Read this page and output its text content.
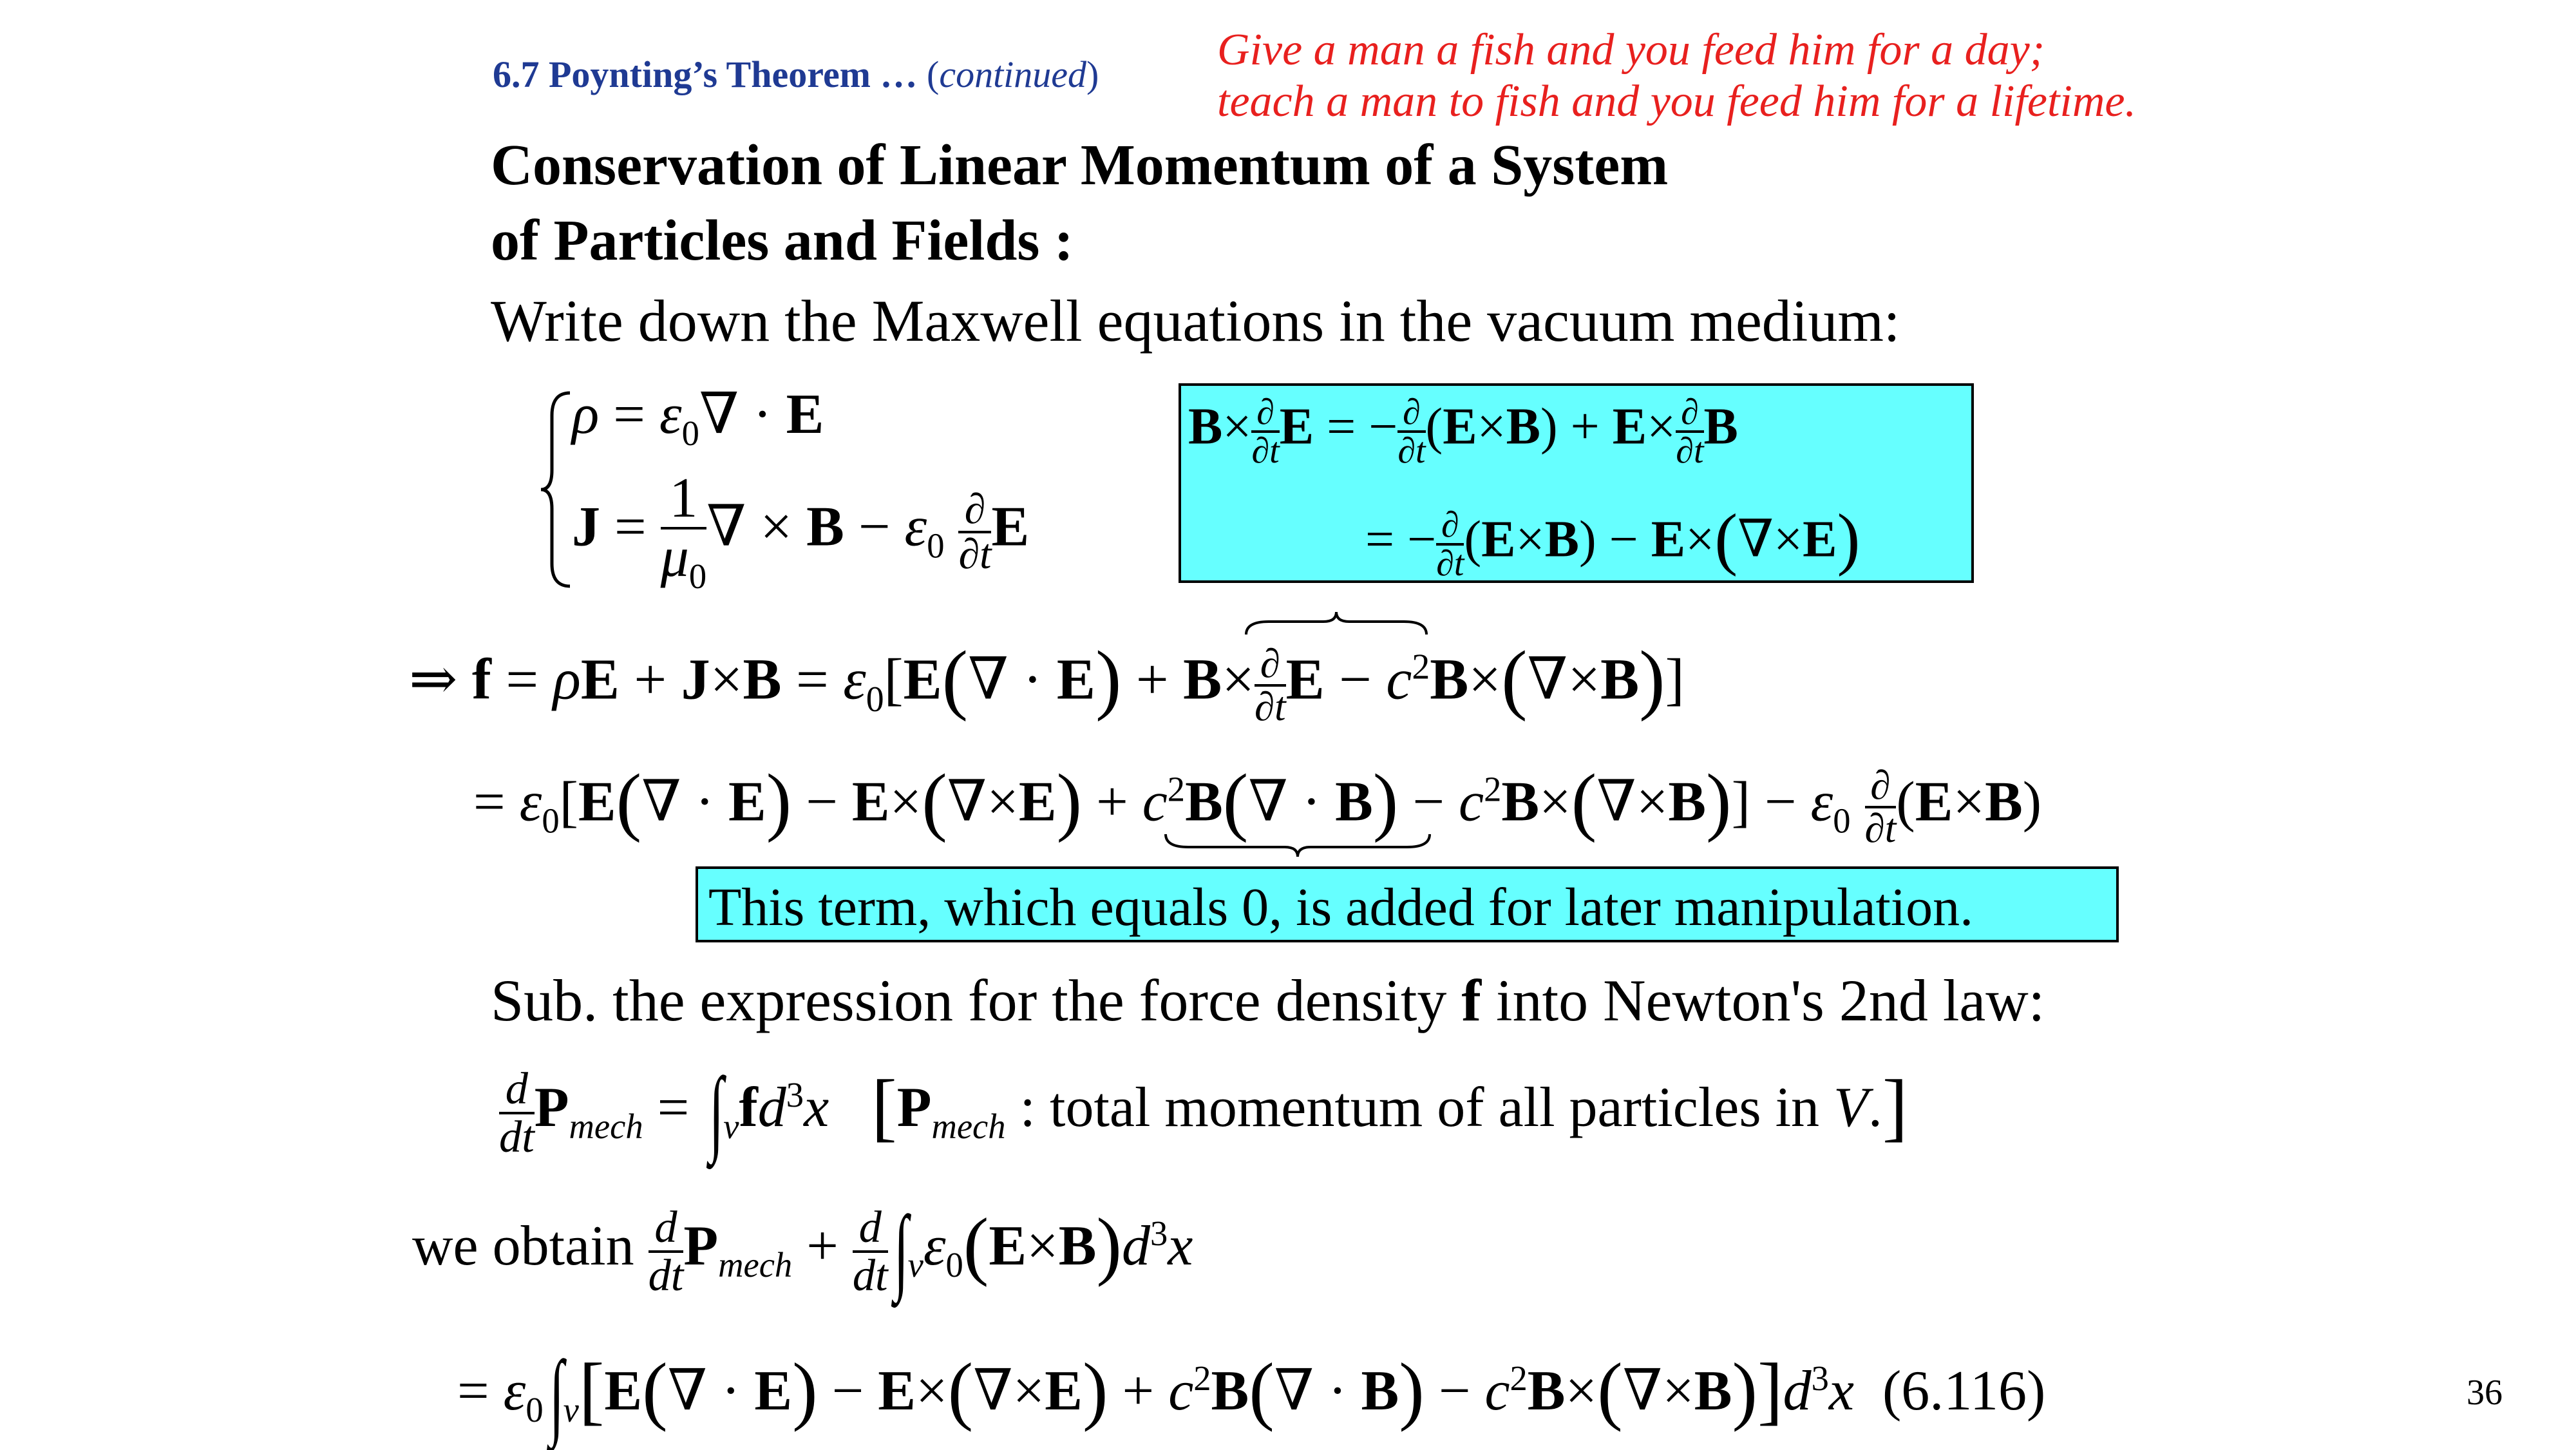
6.7 Poynting’s Theorem … (continued)	Give a man a fish and you feed him for a day;
teach a man to fish and you feed him for a lifetime.
Conservation of Linear Momentum of a System
of Particles and Fields :
Write down the Maxwell equations in the vacuum medium:
$\rho = \varepsilon_0\nabla \cdot E$
$J = \frac{1}{\mu_0}$ ∇ × $B - \varepsilon_0 \frac{\partial}{\partial t}$ E
$B\times \frac{\partial}{\partial t}$ E = − $\frac{\partial}{\partial t} (E\times B) + E\times \frac{\partial}{\partial t}$ B
= − $\frac{\partial}{\partial t} (E\times B) - E\times(\nabla\times E)$
⇒ $f = \rho E + J\times B = \varepsilon_0[E(\nabla \cdot E) + B\times \frac{\partial}{\partial t}$ $E - c^2B\times(\nabla\times B)$]
= $\varepsilon_0[E(\nabla \cdot E) - E\times(\nabla\times E) + c^2B(\nabla \cdot B) - c^2B\times(\nabla\times B)] - \varepsilon_0 \frac{\partial}{\partial t} (E\times B)$
This term, which equals 0, is added for later manipulation.
Sub. the expression for the force density f into Newton's 2nd law:
$\frac{d}{dt} P_{mech} = \int_vfd^3x$ [$P_{mech}$ : total momentum of all particles in V.]
we obtain $\frac{d}{dt} P_{mech} + \frac{d}{dt} \int_v\varepsilon_0(E\times B)d^3x$
= $\varepsilon_0\int_v[E(\nabla \cdot E) - E\times(\nabla\times E) + c^2B(\nabla \cdot B) - c^2B\times(\nabla\times B)]d^3x$ (6.116)	36
